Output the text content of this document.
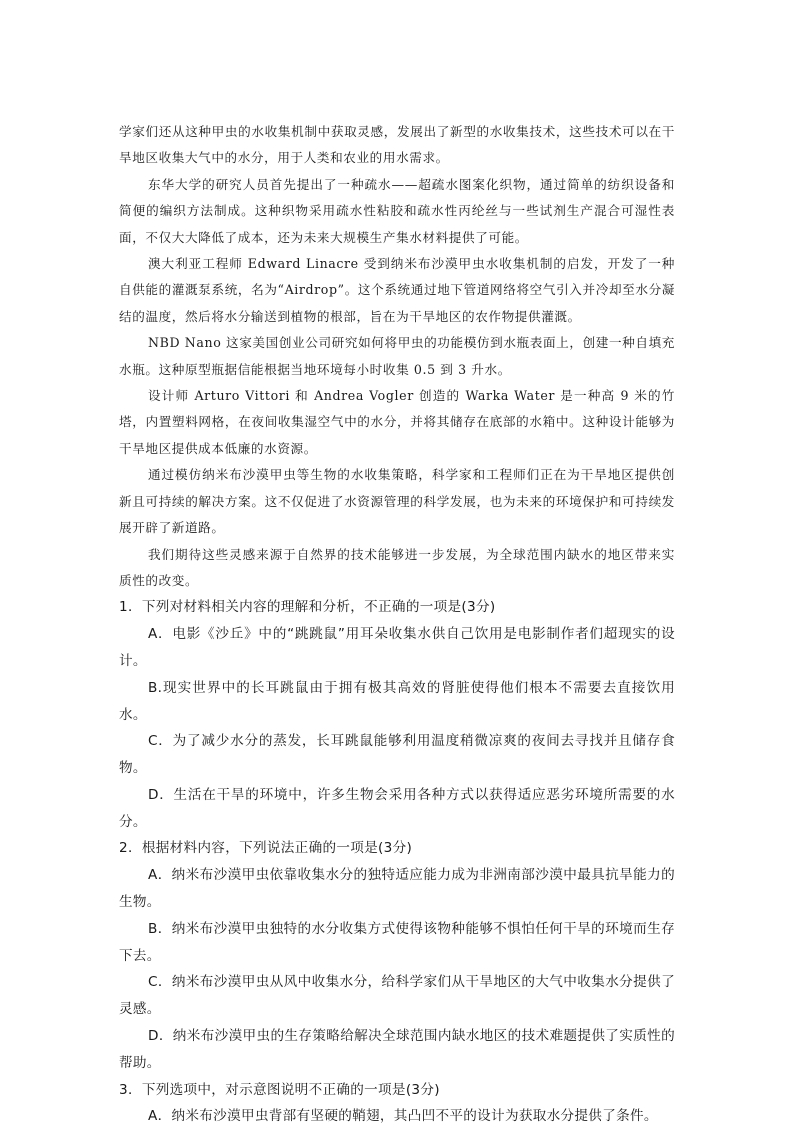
学家们还从这种甲虫的水收集机制中获取灵感，发展出了新型的水收集技术，这些技术可以在干旱地区收集大气中的水分，用于人类和农业的用水需求。

东华大学的研究人员首先提出了一种疏水——超疏水图案化织物，通过简单的纺织设备和简便的编织方法制成。这种织物采用疏水性粘胶和疏水性丙纶丝与一些试剂生产混合可湿性表面，不仅大大降低了成本，还为未来大规模生产集水材料提供了可能。

澳大利亚工程师 Edward Linacre 受到纳米布沙漠甲虫水收集机制的启发，开发了一种自供能的灌溉泵系统，名为“Airdrop”。这个系统通过地下管道网络将空气引入并冷却至水分凝结的温度，然后将水分输送到植物的根部，旨在为干旱地区的农作物提供灌溉。

NBD Nano 这家美国创业公司研究如何将甲虫的功能模仿到水瓶表面上，创建一种自填充水瓶。这种原型瓶据信能根据当地环境每小时收集 0.5 到 3 升水。

设计师 Arturo Vittori 和 Andrea Vogler 创造的 Warka Water 是一种高 9 米的竹塔，内置塑料网格，在夜间收集湿空气中的水分，并将其储存在底部的水箱中。这种设计能够为干旱地区提供成本低廉的水资源。

通过模仿纳米布沙漠甲虫等生物的水收集策略，科学家和工程师们正在为干旱地区提供创新且可持续的解决方案。这不仅促进了水资源管理的科学发展，也为未来的环境保护和可持续发展开辟了新道路。

我们期待这些灵感来源于自然界的技术能够进一步发展，为全球范围内缺水的地区带来实质性的改变。

1．下列对材料相关内容的理解和分析，不正确的一项是(3分)

A．电影《沙丘》中的“跳跳鼠”用耳朵收集水供自己饮用是电影制作者们超现实的设计。

B.现实世界中的长耳跳鼠由于拥有极其高效的肾脏使得他们根本不需要去直接饮用水。

C．为了减少水分的蒸发，长耳跳鼠能够利用温度稍微凉爽的夜间去寻找并且储存食物。

D．生活在干旱的环境中，许多生物会采用各种方式以获得适应恶劣环境所需要的水分。

2．根据材料内容，下列说法正确的一项是(3分)

A．纳米布沙漠甲虫依靠收集水分的独特适应能力成为非洲南部沙漠中最具抗旱能力的生物。

B．纳米布沙漠甲虫独特的水分收集方式使得该物种能够不惧怕任何干旱的环境而生存下去。

C．纳米布沙漠甲虫从风中收集水分，给科学家们从干旱地区的大气中收集水分提供了灵感。

D．纳米布沙漠甲虫的生存策略给解决全球范围内缺水地区的技术难题提供了实质性的帮助。

3．下列选项中，对示意图说明不正确的一项是(3分)

A．纳米布沙漠甲虫背部有坚硬的鞘翅，其凸凹不平的设计为获取水分提供了条件。
